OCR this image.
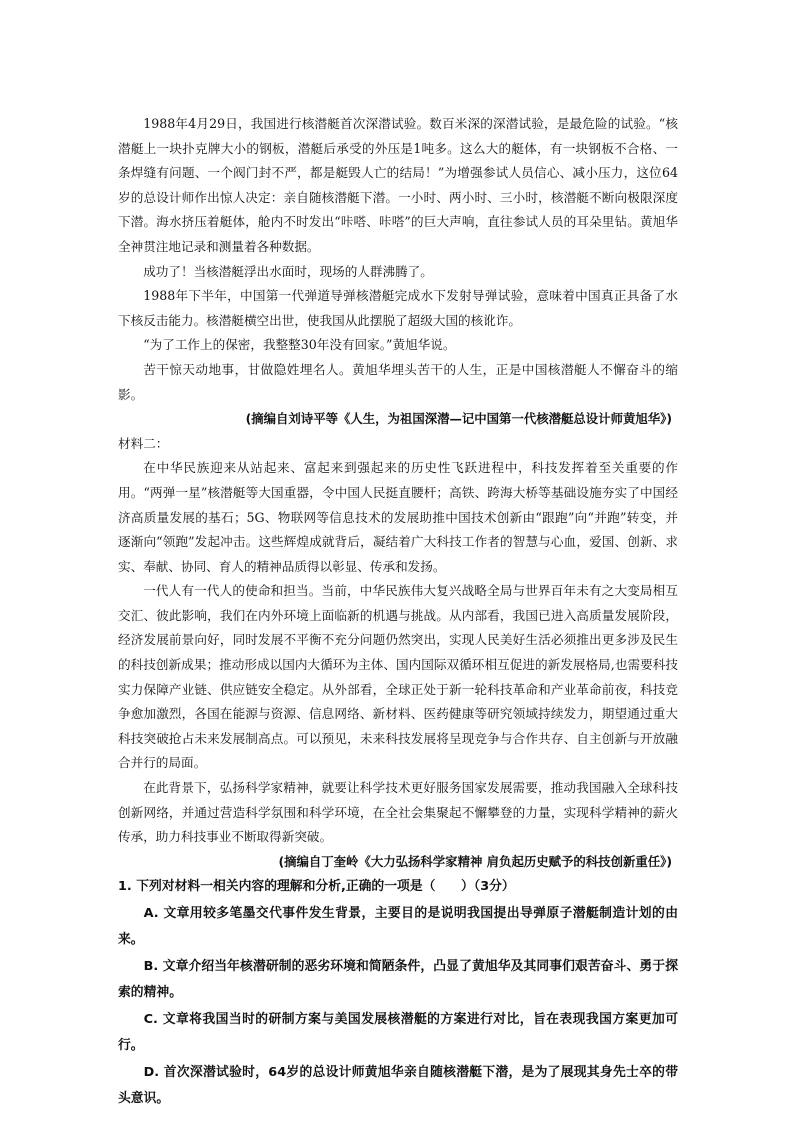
1988年4月29日，我国进行核潜艇首次深潜试验。数百米深的深潜试验，是最危险的试验。“核潜艇上一块扑克牌大小的钢板，潜艇后承受的外压是1吨多。这么大的艇体，有一块钢板不合格、一条焊缝有问题、一个阀门封不严，都是艇毁人亡的结局！”为增强参试人员信心、减小压力，这位64岁的总设计师作出惊人决定：亲自随核潜艇下潜。一小时、两小时、三小时，核潜艇不断向极限深度下潜。海水挤压着艇体，舱内不时发出“咔嗒、咔嗒”的巨大声响，直往参试人员的耳朵里钻。黄旭华全神贯注地记录和测量着各种数据。

成功了！当核潜艇浮出水面时，现场的人群沸腾了。

1988年下半年，中国第一代弹道导弹核潜艇完成水下发射导弹试验，意味着中国真正具备了水下核反击能力。核潜艇横空出世，使我国从此摆脱了超级大国的核讹诈。

“为了工作上的保密，我整整30年没有回家。”黄旭华说。

苦干惊天动地事，甘做隐姓埋名人。黄旭华埋头苦干的人生，正是中国核潜艇人不懈奋斗的缩影。

(摘编自刘诗平等《人生，为祖国深潜—记中国第一代核潜艇总设计师黄旭华》)

材料二：

在中华民族迎来从站起来、富起来到强起来的历史性飞跃进程中，科技发挥着至关重要的作用。“两弹一星”核潜艇等大国重器，令中国人民挺直腰杆；高铁、跨海大桥等基础设施夯实了中国经济高质量发展的基石；5G、物联网等信息技术的发展助推中国技术创新由“跟跑”向“并跑”转变，并逐渐向“领跑”发起冲击。这些辉煌成就背后，凝结着广大科技工作者的智慧与心血，爱国、创新、求实、奉献、协同、育人的精神品质得以彰显、传承和发扬。

一代人有一代人的使命和担当。当前，中华民族伟大复兴战略全局与世界百年未有之大变局相互交汇、彼此影响，我们在内外环境上面临新的机遇与挑战。从内部看，我国已进入高质量发展阶段，经济发展前景向好，同时发展不平衡不充分问题仍然突出，实现人民美好生活必须推出更多涉及民生的科技创新成果；推动形成以国内大循环为主体、国内国际双循环相互促进的新发展格局,也需要科技实力保障产业链、供应链安全稳定。从外部看，全球正处于新一轮科技革命和产业革命前夜，科技竞争愈加激烈，各国在能源与资源、信息网络、新材料、医药健康等研究领域持续发力，期望通过重大科技突破抢占未来发展制高点。可以预见，未来科技发展将呈现竞争与合作共存、自主创新与开放融合并行的局面。

在此背景下，弘扬科学家精神，就要让科学技术更好服务国家发展需要，推动我国融入全球科技创新网络，并通过营造科学氛围和科学环境，在全社会集聚起不懈攀登的力量，实现科学精神的薪火传承，助力科技事业不断取得新突破。

(摘编自丁奎岭《大力弘扬科学家精神 肩负起历史赋予的科技创新重任》)

1. 下列对材料一相关内容的理解和分析,正确的一项是（　　）（3分）

A. 文章用较多笔墨交代事件发生背景，主要目的是说明我国提出导弹原子潜艇制造计划的由来。

B. 文章介绍当年核潜研制的恶劣环境和简陋条件，凸显了黄旭华及其同事们艰苦奋斗、勇于探索的精神。

C. 文章将我国当时的研制方案与美国发展核潜艇的方案进行对比，旨在表现我国方案更加可行。

D. 首次深潜试验时，64岁的总设计师黄旭华亲自随核潜艇下潜，是为了展现其身先士卒的带头意识。
